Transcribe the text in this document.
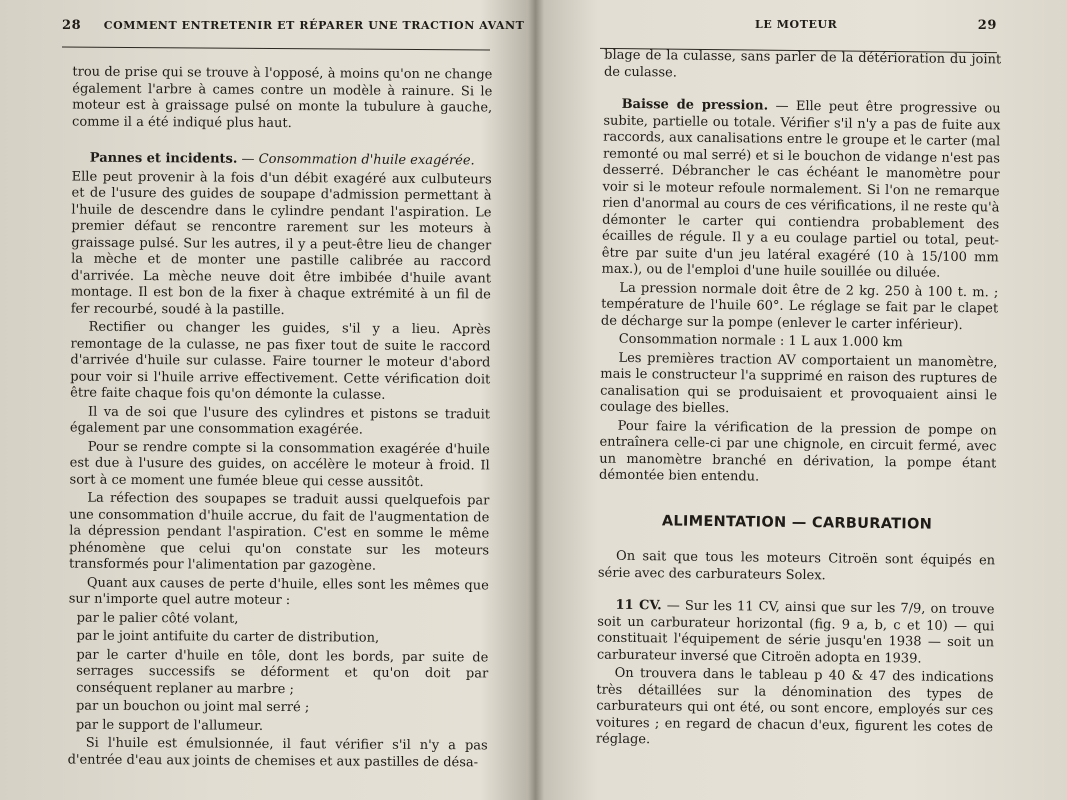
28 COMMENT ENTRETENIR ET RÉPARER UNE TRACTION AVANT

trou de prise qui se trouve à l'opposé, à moins qu'on ne change également l'arbre à cames contre un modèle à rainure. Si le moteur est à graissage pulsé on monte la tubulure à gauche, comme il a été indiqué plus haut.

Pannes et incidents. — Consommation d'huile exagérée.

Elle peut provenir à la fois d'un débit exagéré aux culbuteurs et de l'usure des guides de soupape d'admission permettant à l'huile de descendre dans le cylindre pendant l'aspiration. Le premier défaut se rencontre rarement sur les moteurs à graissage pulsé. Sur les autres, il y a peut-être lieu de changer la mèche et de monter une pastille calibrée au raccord d'arrivée. La mèche neuve doit être imbibée d'huile avant montage. Il est bon de la fixer à chaque extrémité à un fil de fer recourbé, soudé à la pastille.

Rectifier ou changer les guides, s'il y a lieu. Après remontage de la culasse, ne pas fixer tout de suite le raccord d'arrivée d'huile sur culasse. Faire tourner le moteur d'abord pour voir si l'huile arrive effectivement. Cette vérification doit être faite chaque fois qu'on démonte la culasse.

Il va de soi que l'usure des cylindres et pistons se traduit également par une consommation exagérée.

Pour se rendre compte si la consommation exagérée d'huile est due à l'usure des guides, on accélère le moteur à froid. Il sort à ce moment une fumée bleue qui cesse aussitôt.

La réfection des soupapes se traduit aussi quelquefois par une consommation d'huile accrue, du fait de l'augmentation de la dépression pendant l'aspiration. C'est en somme le même phénomène que celui qu'on constate sur les moteurs transformés pour l'alimentation par gazogène.

Quant aux causes de perte d'huile, elles sont les mêmes que sur n'importe quel autre moteur :

par le palier côté volant,

par le joint antifuite du carter de distribution,

par le carter d'huile en tôle, dont les bords, par suite de serrages successifs se déforment et qu'on doit par conséquent replaner au marbre ;

par un bouchon ou joint mal serré ;

par le support de l'allumeur.

Si l'huile est émulsionnée, il faut vérifier s'il n'y a pas d'entrée d'eau aux joints de chemises et aux pastilles de désa-

LE MOTEUR	29

blage de la culasse, sans parler de la détérioration du joint de culasse.

Baisse de pression. — Elle peut être progressive ou subite, partielle ou totale. Vérifier s'il n'y a pas de fuite aux raccords, aux canalisations entre le groupe et le carter (mal remonté ou mal serré) et si le bouchon de vidange n'est pas desserré. Débrancher le cas échéant le manomètre pour voir si le moteur refoule normalement. Si l'on ne remarque rien d'anormal au cours de ces vérifications, il ne reste qu'à démonter le carter qui contiendra probablement des écailles de régule. Il y a eu coulage partiel ou total, peut-être par suite d'un jeu latéral exagéré (10 à 15/100 mm max.), ou de l'emploi d'une huile souillée ou diluée.

La pression normale doit être de 2 kg. 250 à 100 t. m. ; température de l'huile 60°. Le réglage se fait par le clapet de décharge sur la pompe (enlever le carter inférieur).

Consommation normale : 1 L aux 1.000 km

Les premières traction AV comportaient un manomètre, mais le constructeur l'a supprimé en raison des ruptures de canalisation qui se produisaient et provoquaient ainsi le coulage des bielles.

Pour faire la vérification de la pression de pompe on entraînera celle-ci par une chignole, en circuit fermé, avec un manomètre branché en dérivation, la pompe étant démontée bien entendu.

ALIMENTATION — CARBURATION

On sait que tous les moteurs Citroën sont équipés en série avec des carburateurs Solex.

11 CV. — Sur les 11 CV, ainsi que sur les 7/9, on trouve soit un carburateur horizontal (fig. 9 a, b, c et 10) — qui constituait l'équipement de série jusqu'en 1938 — soit un carburateur inversé que Citroën adopta en 1939.

On trouvera dans le tableau p 40 & 47 des indications très détaillées sur la dénomination des types de carburateurs qui ont été, ou sont encore, employés sur ces voitures ; en regard de chacun d'eux, figurent les cotes de réglage.
